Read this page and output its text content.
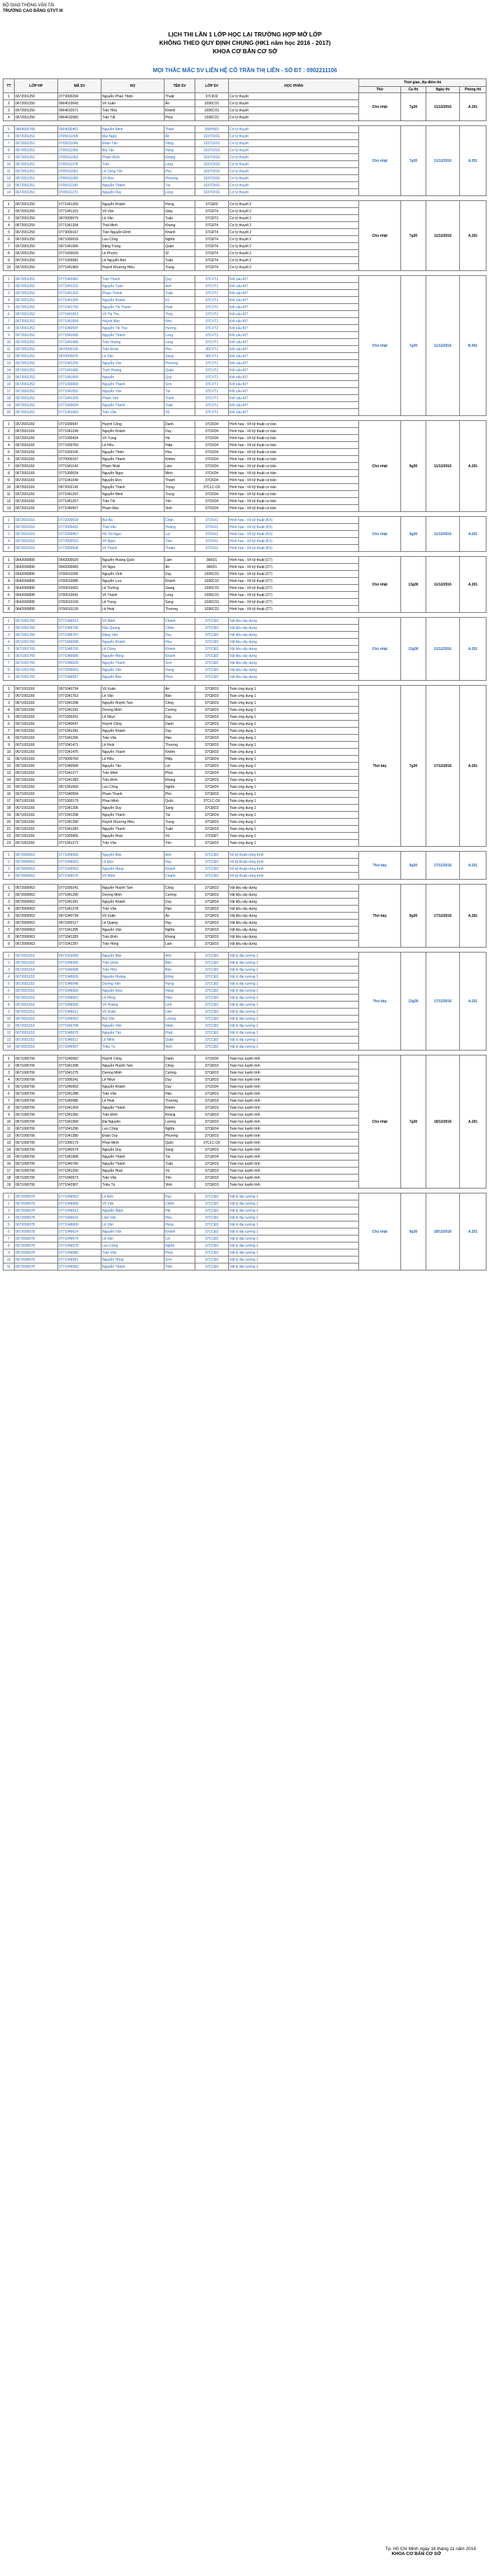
BỘ GIAO THÔNG VẬN TẢI
TRƯỜNG CAO ĐẲNG GTVT III
LỊCH THI LẦN 1 LỚP HỌC LẠI TRƯỜNG HỢP MỞ LỚP
KHÔNG THEO QUY ĐỊNH CHUNG (HK1 năm học 2016 - 2017)
KHOA CƠ BẢN CƠ SỞ
MỌI THẮC MẮC SV LIÊN HỆ CÔ TRẦN THỊ LIÊN - SỐ ĐT : 0902211106
TT	LỚP HP	MÃ SV	HỌ	TÊN SV	LỚP SV	HỌC PHẦN	Thời gian, địa điểm thi			
							Thứ	Ca thi	Ngày thi	Phòng thi
1	0672001250	0773000204	Nguyễn Phan Thiện	Thuật	37CK02	Cơ lý thuyết	Chủ nhật	7g30	11/12/2016	A.201
2	0672001250	0664010043	Võ Xuân	Ân	1036CO1	Cơ lý thuyết				
3	0672001250	0664010071	Trần Hữu	Khánh	1036CO1	Cơ lý thuyết				
4	0672001250	0664010083	Trần Tất	Phúc	1036CO1	Cơ lý thuyết				

5	0664000768	0664000461	Nguyễn Minh	Thiện	36KH001	Cơ lý thuyết	Chủ nhật	7g30	11/12/2016	A.201
6	0672001251	0705011009	Mai Ngọc	Ân	1037CK01	Cơ lý thuyết				
7	0672001251	0705011049	Đoàn Tấn	Dũng	1037CK01	Cơ lý thuyết				
8	0672001251	0705011059	Bùi Tấn	Hùng	1037CK01	Cơ lý thuyết				
9	0672001251	0705011063	Phạm Đình	Khang	1037CK01	Cơ lý thuyết				
10	0672001251	0705011078	Trần	Long	1037CK01	Cơ lý thuyết				
11	0672001251	0705011061	Lê Công Tấn	Phú	1037CK01	Cơ lý thuyết				
12	0672001251	0705011093	Võ Đức	Phương	1037CK01	Cơ lý thuyết				
13	0672001251	0705011100	Nguyễn Thành	Tài	1037CK01	Cơ lý thuyết				
14	0672001251	0705011170	Nguyễn Duy	Long	1037CK01	Cơ lý thuyết				

1	0672001250	0771041269	Nguyễn Khánh	Hưng	37CĐ02	Cơ lý thuyết 2	Chủ nhật	7g30	11/12/2016	A.201
2	0672001250	0771041315	Võ Văn	Giàu	37CĐT4	Cơ lý thuyết 2				
3	0672001250	0670000079	Lê Văn	Tuấn	37CĐT3	Cơ lý thuyết 2				
4	0672001250	0771041264	Thái Minh	Khang	37CĐT4	Cơ lý thuyết 2				
5	0672001250	0773000167	Trần Nguyễn Đình	Khánh	37CĐT4	Cơ lý thuyết 2				
6	0672001250	0671000018	Lưu Công	Nghĩa	37CĐT4	Cơ lý thuyết 2				
7	0672001250	0671041666	Đặng Trọng	Quân	37CĐT4	Cơ lý thuyết 2				
8	0672001250	0771000029	Lê Phước	Sĩ	37CĐT4	Cơ lý thuyết 2				
9	0672001250	0771000081	Lê Nguyễn Anh	Tuấn	37CĐT4	Cơ lý thuyết 2				
10	0672001250	0771041969	Huỳnh Khương Hiếu	Trung	37CĐT4	Cơ lý thuyết 2				

1	0672001252	0771043962	Trần Thanh	Quý	37CVT1	Kết cấu-KIT	Chủ nhật	7g30	11/12/2016	B.401
2	0672001252	0771041222	Nguyễn Tuấn	Anh	37CVT1	Kết cấu-KIT				
3	0672001252	0771041202	Phạm Thành	Tuấn	37CVT1	Kết cấu-KIT				
4	0672001252	0771041255	Nguyễn Khánh	Ký	37CVT1	Kết cấu-KIT				
5	0672001252	0771041700	Nguyễn Thị Thanh	Hoài	37CVT2	Kết cấu-KIT				
6	0672001252	0771041813	Võ Thị Thu	Thủy	37CVT1	Kết cấu-KIT				
7	0672001252	0771041504	Huỳnh Bảo	Như	37CVT1	Kết cấu-KIT				
8	0672001252	0771040547	Nguyễn Thị Trúc	Hương	37CVT2	Kết cấu-KIT				
9	0672001252	0771041066	Nguyễn Thành	Long	37CVT1	Kết cấu-KIT				
10	0672001252	0771041499	Trần Hoàng	Long	37CVT1	Kết cấu-KIT				
11	0672001252	0670000105	Trần Đoàn	Phú	36CVT1	Kết cấu-KIT				
12	0672001252	0670000076	Lê Văn	Sang	36CVT1	Kết cấu-KIT				
13	0672001252	0771041205	Nguyễn Văn	Phương	37CVT1	Kết cấu-KIT				
14	0672001252	0771041066	Trịnh Hoàng	Quân	37CVT1	Kết cấu-KIT				
15	0672001252	0771041660	Nguyễn	Quý	37CVT1	Kết cấu-KIT				
16	0672001252	0771000009	Nguyễn Thanh	Sơn	37CVT1	Kết cấu-KIT				
17	0672001252	0771041052	Nguyễn Văn	Tài	37CVT1	Kết cấu-KIT				
18	0672001252	0771041209	Phạm Văn	Thịnh	37CVT1	Kết cấu-KIT				
19	0672001252	0771000024	Nguyễn Thanh	Tuấn	37CVT1	Kết cấu-KIT				
20	0672001252	0771041063	Trần Văn	Vũ	37CVT1	Kết cấu-KIT				

1	0672001160	0771000647	Huỳnh Công	Danh	37CKD4	Hình họa - Vẽ kỹ thuật cơ bản	Chủ nhật	9g30	11/12/2016	A.201
2	0672001160	0771041249	Nguyễn Khánh	Duy	37CKD4	Hình họa - Vẽ kỹ thuật cơ bản				
3	0672001160	0771000424	Võ Trọng	Hà	37CKD4	Hình họa - Vẽ kỹ thuật cơ bản				
4	0672001160	0771000769	Lê Hữu	Hiệp	37CKD4	Hình họa - Vẽ kỹ thuật cơ bản				
5	0672001160	0771000105	Nguyễn Thiên	Hòa	37CKD4	Hình họa - Vẽ kỹ thuật cơ bản				
6	0672001160	0770000167	Nguyễn Thanh	Khiêm	37CKD4	Hình họa - Vẽ kỹ thuật cơ bản				
7	0672001160	0771041143	Phạm Nhật	Lâm	37CKD4	Hình họa - Vẽ kỹ thuật cơ bản				
8	0672001160	0771000024	Nguyễn Ngọc	Minh	37CKD4	Hình họa - Vẽ kỹ thuật cơ bản				
9	0672001160	0771041049	Nguyễn Đức	Thành	37CKD4	Hình họa - Vẽ kỹ thuật cơ bản				
10	0672001160	0672002142	Nguyễn Thành	Trọng	37CLC-CK	Hình họa - Vẽ kỹ thuật cơ bản				
11	0672001160	0771041297	Nguyễn Minh	Trung	37CKD4	Hình họa - Vẽ kỹ thuật cơ bản				
12	0672001160	0771041257	Trần Thị	Yến	37CKD4	Hình họa - Vẽ kỹ thuật cơ bản				
13	0672001160	0771040507	Phạm Đào	Vinh	37CKD4	Hình họa - Vẽ kỹ thuật cơ bản				

1	0672001016	0772000518	Bùi Bá	Chân	37CKX1	Hình họa - Vẽ kỹ thuật (KX)	Chủ nhật	9g30	11/12/2016	A.201
2	0672001016	0772000432	Thái Văn	Hoàng	37CKX1	Hình họa - Vẽ kỹ thuật (KX)				
3	0672001016	0772000457	Hồ Thị Ngọc	Lợi	37CKX1	Hình họa - Vẽ kỹ thuật (KX)				
4	0672001016	0772000515	Võ Ngọc	Tâm	37CKX1	Hình họa - Vẽ kỹ thuật (KX)				
5	0672001016	0772000508	Võ Thành	Thuận	37CKX1	Hình họa - Vẽ kỹ thuật (KX)				

1	0642000895	0542000020	Nguyễn Hoàng Quốc	Lâm	36KD1	Hình họa - Vẽ kỹ thuật (CT)	Chủ nhật	13g30	11/12/2016	A.201
2	0642000895	0542000083	Võ Ngọc	Ân	36KD1	Hình họa - Vẽ kỹ thuật (CT)				
3	0642000895	0700011005	Nguyễn Vinh	Duy	1036CO1	Hình họa - Vẽ kỹ thuật (CT)				
4	0642000895	0700010085	Nguyễn Lưu	Khánh	1036CO1	Hình họa - Vẽ kỹ thuật (CT)				
5	0642000895	0700010062	Lê Trường	Giang	1036CO1	Hình họa - Vẽ kỹ thuật (CT)				
6	0642000895	0700010041	Võ Thành	Long	1036CO1	Hình họa - Vẽ kỹ thuật (CT)				
7	0642000895	0700010109	Lê Trọng	Sang	1036CO1	Hình họa - Vẽ kỹ thuật (CT)				
8	0642000895	0700010139	Lê Hoài	Thương	1036CO1	Hình họa - Vẽ kỹ thuật (CT)				

1	0671001760	0771046612	Võ Minh	Chánh	37CCĐ2	Vật liệu xây dựng	Chủ nhật	13g30	11/12/2016	A.201
2	0671001760	0771046706	Hầu Quang	Chiến	37CCĐ2	Vật liệu xây dựng				
3	0671001760	0771046707	Đặng Văn	Duy	37CCĐ2	Vật liệu xây dựng				
4	0671001760	0771046698	Nguyễn Khánh	Hòa	37CCĐ2	Vật liệu xây dựng				
5	0671001760	0771046700	Lê Công	Khánh	37CCĐ2	Vật liệu xây dựng				
6	0671001760	0771046685	Nguyễn Hồng	Khánh	37CCĐ2	Vật liệu xây dựng				
7	0671001760	0771046629	Nguyễn Thanh	Sơn	37CCĐ2	Vật liệu xây dựng				
8	0671001760	0772000503	Nguyễn Văn	Hưng	37CCĐ2	Vật liệu xây dựng				
9	0671001760	0771046697	Nguyễn Bảo	Phúc	37CCĐ2	Vật liệu xây dựng				

1	0671001160	0671040734	Vũ Xuân	Ân	37CĐO3	Toán ứng dụng 1	Thứ bảy	7g30	17/12/2016	A.201
2	0671001160	0771041763	Lê Văn	Bảo	37CĐO3	Toán ứng dụng 1				
3	0671001160	0771041298	Nguyễn Huỳnh Tam	Công	37CĐO3	Toán ứng dụng 1				
4	0671001160	0771041291	Dương Minh	Cường	37CĐO3	Toán ứng dụng 1				
5	0671001160	0771000251	Lê Nhựt	Duy	37CĐO3	Toán ứng dụng 1				
6	0671001160	0771040647	Huỳnh Công	Danh	37CĐO3	Toán ứng dụng 1				
7	0671001160	0771041281	Nguyễn Khánh	Duy	37CĐO4	Toán ứng dụng 1				
8	0671001160	0771041296	Trần Văn	Hào	37CĐO3	Toán ứng dụng 1				
9	0671001160	0771041471	Lê Hoài	Thương	37CĐO3	Toán ứng dụng 1				
10	0671001160	0771041475	Nguyễn Thanh	Khiêm	37CĐO3	Toán ứng dụng 1				
11	0671001160	0770000769	Lê Hữu	Hiệp	37CĐO4	Toán ứng dụng 1				
12	0671001160	0771040568	Nguyễn Tấn	Lợi	37CĐO3	Toán ứng dụng 1				
13	0671001160	0771041277	Trần Minh	Phúc	37CĐO4	Toán ứng dụng 1				
14	0671001160	0771041283	Trần Đình	Khang	37CĐO3	Toán ứng dụng 1				
15	0671001160	0671041669	Lưu Công	Nghĩa	37CĐO4	Toán ứng dụng 1				
16	0671001160	0771040504	Phạm Thanh	Phú	37CĐO3	Toán ứng dụng 1				
17	0671001160	0771000179	Phan Minh	Quốc	37CLC-CK	Toán ứng dụng 1				
18	0671001160	0771041296	Nguyễn Duy	Sang	37CĐO3	Toán ứng dụng 1				
19	0671001160	0771041268	Nguyễn Thành	Tài	37CĐO4	Toán ứng dụng 1				
20	0671001160	0771041290	Huỳnh Khương Hiếu	Trung	37CĐO3	Toán ứng dụng 1				
21	0671001160	0771041283	Nguyễn Thanh	Tuấn	37CĐO3	Toán ứng dụng 1				
22	0671001160	0771000965	Nguyễn Hoài	Vũ	37CKĐ7	Toán ứng dụng 1				
23	0671001160	0771041271	Trần Văn	Yên	37CĐO3	Toán ứng dụng 1				

1	0672000063	0771046566	Nguyễn Bảo	Anh	37CCĐ2	Vẽ kỹ thuật công trình	Thứ bảy	9g30	17/12/2016	A.201
2	0672000063	0771046562	Lê Đức	Huy	37CCĐ2	Vẽ kỹ thuật công trình				
3	0672000063	0771046553	Nguyễn Hồng	Khánh	37CCĐ2	Vẽ kỹ thuật công trình				
4	0672000063	0771046576	Võ Minh	Chánh	37CCĐ2	Vẽ kỹ thuật công trình				

1	0672000063	0771000241	Nguyễn Huỳnh Tam	Công	37CĐO3	Vật liệu xây dựng	Thứ bảy	9g30	17/12/2016	A.201
2	0672000063	0771041290	Dương Minh	Cường	37CĐO3	Vật liệu xây dựng				
3	0672000063	0771041281	Nguyễn Khánh	Duy	37CĐO4	Vật liệu xây dựng				
4	0672000063	0771041278	Trần Văn	Hào	37CĐO3	Vật liệu xây dựng				
5	0672000063	0671040734	Vũ Xuân	Ân	37CĐO3	Vật liệu xây dựng				
6	0672000063	0671000117	Lê Quang	Huy	37CĐO3	Vật liệu xây dựng				
7	0672000063	0771041295	Nguyễn Văn	Nghĩa	37CĐO3	Vật liệu xây dựng				
8	0672000063	0771041283	Trần Đình	Khang	37CĐO3	Vật liệu xây dựng				
9	0672000063	0771041287	Trần Hồng	Lam	37CĐO3	Vật liệu xây dựng				

1	0672001153	0671001089	Nguyễn Bảo	Anh	37CCĐ2	Vật lý đại cương 1	Thứ bảy	13g30	17/12/2016	A.201
2	0672001153	0771046566	Trần Quốc	Bảo	37CCĐ2	Vật lý đại cương 1				
3	0672001153	0771046608	Trần Hữu	Bảo	37CCĐ2	Vật lý đại cương 1				
4	0672001153	0771046609	Nguyễn Hoàng	Đông	37CCĐ2	Vật lý đại cương 1				
5	0672001153	0771046548	Dương Văn	Hưng	37CCĐ2	Vật lý đại cương 1				
6	0672001153	0771046583	Nguyễn Kiều	Hùng	37CCĐ2	Vật lý đại cương 1				
7	0672001153	0771046561	Lê Hồng	Hiếu	37CCĐ2	Vật lý đại cương 1				
8	0672001153	0771046565	Võ Hoàng	Linh	37CCĐ2	Vật lý đại cương 1				
9	0672001153	0771046612	Võ Duẩn	Lâm	37CCĐ2	Vật lý đại cương 1				
10	0672001153	0771046553	Bùi Văn	Lượng	37CCĐ2	Vật lý đại cương 1				
11	0672001153	0771046708	Nguyễn Văn	Nhân	37CCĐ2	Vật lý đại cương 1				
12	0672001153	0771046670	Nguyễn Tấn	Phát	37CCĐ2	Vật lý đại cương 1				
13	0672001153	0771046611	Lê Minh	Quân	37CCĐ2	Vật lý đại cương 1				
14	0672001153	0771046567	Triệu Tú	Vinh	37CCĐ2	Vật lý đại cương 1				

1	0671000706	0771040062	Huỳnh Công	Danh	37CKD4	Toán học tuyển tính	Chủ nhật	7g30	18/12/2016	A.201
2	0671000706	0771041298	Nguyễn Huỳnh Tam	Công	37CĐO3	Toán học tuyển tính				
3	0671000706	0771041275	Dương Minh	Cường	37CĐO3	Toán học tuyển tính				
4	0671000706	0771000241	Lê Nhựt	Duy	37CĐO3	Toán học tuyển tính				
5	0671000706	0771040063	Nguyễn Khánh	Duy	37CKD4	Toán học tuyển tính				
6	0671000706	0771041288	Trần Văn	Hào	37CĐO3	Toán học tuyển tính				
7	0671000706	0771040085	Lê Hoài	Thương	37CĐO3	Toán học tuyển tính				
8	0671000706	0771041269	Nguyễn Thanh	Khiêm	37CĐO3	Toán học tuyển tính				
9	0671000706	0771041282	Trần Đình	Khang	37CĐO3	Toán học tuyển tính				
10	0671000706	0771041999	Đại Nguyên	Lượng	37CĐO3	Toán học tuyển tính				
11	0671000706	0771041296	Lưu Công	Nghĩa	37CĐO4	Toán học tuyển tính				
12	0671000706	0771041280	Đoàn Duy	Phương	37CĐO3	Toán học tuyển tính				
13	0671000706	0771000179	Phan Minh	Quốc	37CLC-CK	Toán học tuyển tính				
14	0671000706	0771040574	Nguyễn Duy	Sang	37CĐO3	Toán học tuyển tính				
15	0671000706	0771041968	Nguyễn Thành	Tài	37CĐO4	Toán học tuyển tính				
16	0671000706	0771040766	Nguyễn Thanh	Tuấn	37CĐO3	Toán học tuyển tính				
17	0671000706	0771041290	Nguyễn Hoài	Vũ	37CĐO3	Toán học tuyển tính				
18	0671000706	0771040573	Trần Văn	Yên	37CĐO3	Toán học tuyển tính				
19	0671000706	0771042907	Triệu Tú	Vinh	37CĐO3	Toán học tuyển tính				

1	0672000078	0771046562	Lê Đức	Huy	37CCĐ2	Vật lý đại cương 1	Chủ nhật	9g30	18/12/2016	A.201
2	0672000078	0771046568	Võ Văn	Chiến	37CCĐ2	Vật lý đại cương 1				
3	0672000078	0771046613	Nguyễn Ngọc	Hải	37CCĐ2	Vật lý đại cương 1				
4	0672000078	0771046616	Lâm Văn	Hòa	37CCĐ2	Vật lý đại cương 1				
5	0672000078	0771046600	Lê Văn	Hùng	37CCĐ2	Vật lý đại cương 1				
6	0672000078	0771046614	Nguyễn Văn	Khánh	37CCĐ2	Vật lý đại cương 1				
7	0672000078	0771046574	Lê Văn	Lợi	37CCĐ2	Vật lý đại cương 1				
8	0672000078	0771046578	Lưu Công	Nghĩa	37CCĐ2	Vật lý đại cương 1				
9	0672000078	0771046580	Trần Văn	Phúc	37CCĐ2	Vật lý đại cương 1				
10	0672000078	0771046581	Nguyễn Hồng	Sơn	37CCĐ2	Vật lý đại cương 1				
11	0672000078	0771046582	Nguyễn Thanh	Tâm	37CCĐ2	Vật lý đại cương 1				
Tp. Hồ Chí Minh ngày 18 tháng 11 năm 2016
KHOA CƠ BẢN CƠ SỞ
